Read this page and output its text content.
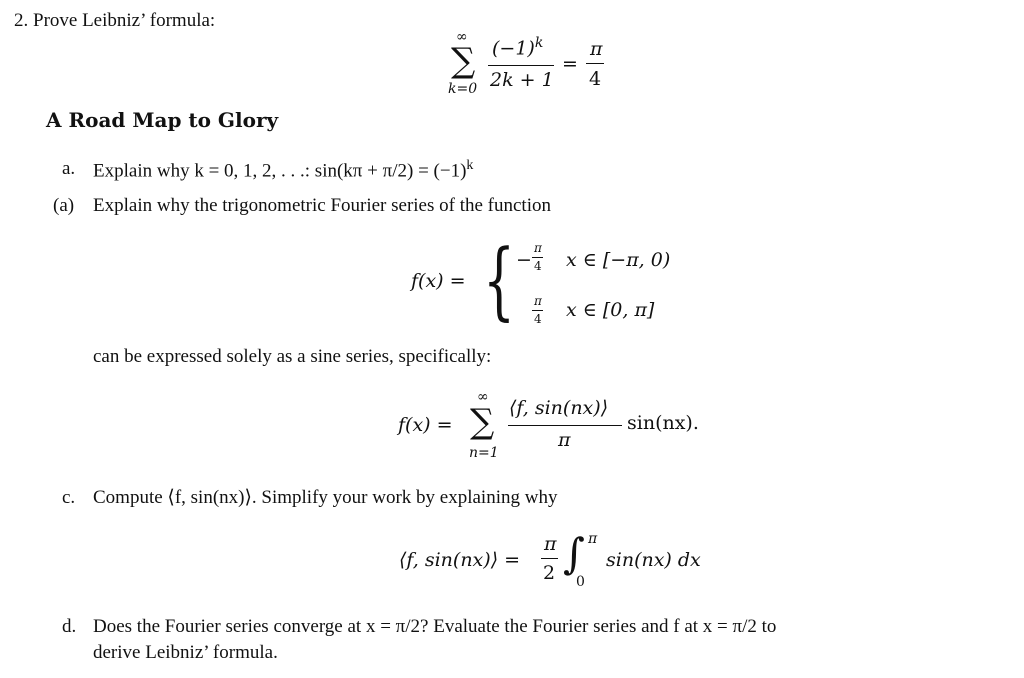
2. Prove Leibniz’ formula:
∞
∑
k=0
$(-1)^k$
2k + 1
=
π
4
A Road Map to Glory
a. Explain why k = 0, 1, 2, . . .: $\sin(k\pi + \pi/2) = (-1)^k$
(a) Explain why the trigonometric Fourier series of the function
f(x) = { −
π
4 x ∈ [−π, 0)
π
4 x ∈ [0, π]
can be expressed solely as a sine series, specifically:
f(x) =
∞
∑
n=1
⟨f, sin(nx)⟩
π
sin(nx).
c. Compute ⟨f, sin(nx)⟩. Simplify your work by explaining why
⟨f, sin(nx)⟩ =
π
2 ∫ π
0
sin(nx) dx
d. Does the Fourier series converge at x = π/2? Evaluate the Fourier series and f at x = π/2 to
derive Leibniz’ formula.
